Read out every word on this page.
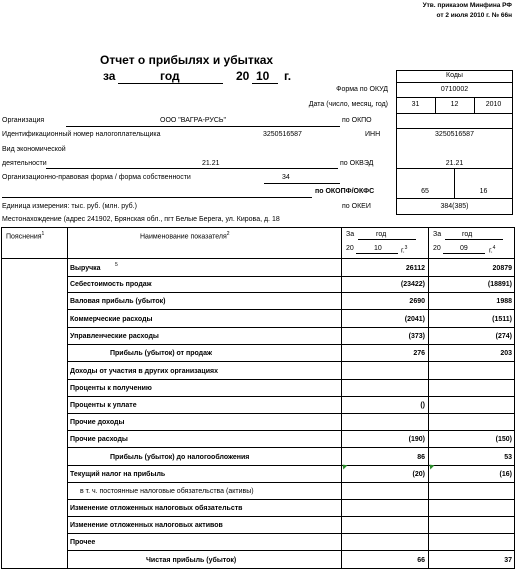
Утв. приказом Минфина РФ
от 2 июля 2010 г. № 66н
Отчет о прибылях и убытках
за	год	20 10 г.	Коды
Форма по ОКУД	0710002
Дата (число, месяц, год)	31	12	2010
по ОКПО
ИНН	3250516587
по ОКВЭД	21.21
по ОКОПФ/ОКФС	65	16
по ОКЕИ	384(385)
Организация	ООО "ВАГРА-РУСЬ"
Идентификационный номер налогоплательщика	3250516587
Вид экономической
деятельности	21.21
Организационно-правовая форма / форма собственности	34
Единица измерения: тыс. руб. (млн. руб.)
Местонахождение (адрес 241902, Брянская обл., пгт Белые Берега, ул. Кирова, д. 18
Пояснения$^1$	Наименование показателя$^2$	За	год
20	10	г.$^3$
За	год
20	09	г.$^4$
Выручка	5	26112	20879
Себестоимость продаж	(23422)	(18891)
Валовая прибыль (убыток)	2690	1988
Коммерческие расходы	(2041)	(1511)
Управленческие расходы	(373)	(274)
Прибыль (убыток) от продаж	276	203
Доходы от участия в других организациях
Проценты к получению
Проценты к уплате	()
Прочие доходы
Прочие расходы	(190)	(150)
Прибыль (убыток) до налогообложения	86	53
Текущий налог на прибыль	(20)	(16)
в т. ч. постоянные налоговые обязательства (активы)
Изменение отложенных налоговых обязательств
Изменение отложенных налоговых активов
Прочее
Чистая прибыль (убыток)	66	37
